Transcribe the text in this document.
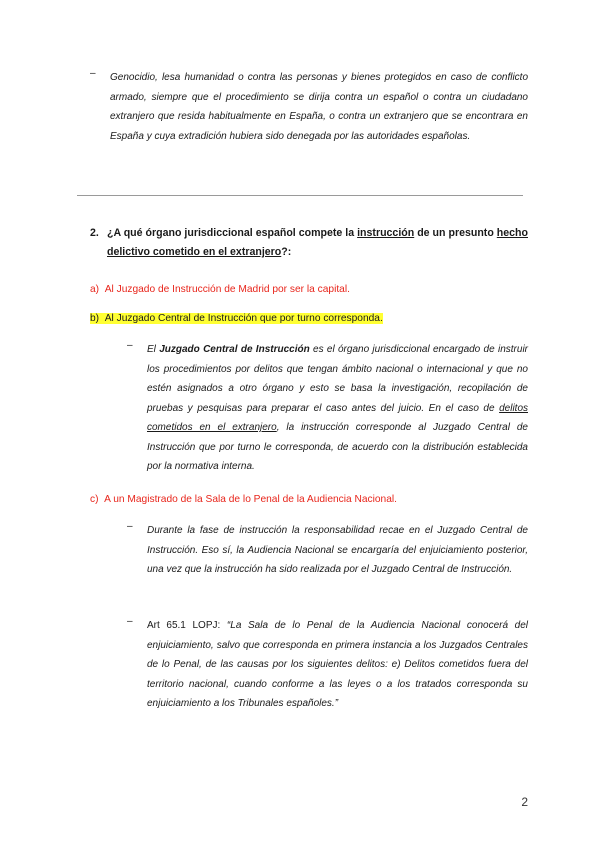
– Genocidio, lesa humanidad o contra las personas y bienes protegidos en caso de conflicto armado, siempre que el procedimiento se dirija contra un español o contra un ciudadano extranjero que resida habitualmente en España, o contra un extranjero que se encontrara en España y cuya extradición hubiera sido denegada por las autoridades españolas.
2. ¿A qué órgano jurisdiccional español compete la instrucción de un presunto hecho delictivo cometido en el extranjero?:
a) Al Juzgado de Instrucción de Madrid por ser la capital.
b) Al Juzgado Central de Instrucción que por turno corresponda.
– El Juzgado Central de Instrucción es el órgano jurisdiccional encargado de instruir los procedimientos por delitos que tengan ámbito nacional o internacional y que no estén asignados a otro órgano y esto se basa la investigación, recopilación de pruebas y pesquisas para preparar el caso antes del juicio. En el caso de delitos cometidos en el extranjero, la instrucción corresponde al Juzgado Central de Instrucción que por turno le corresponda, de acuerdo con la distribución establecida por la normativa interna.
c) A un Magistrado de la Sala de lo Penal de la Audiencia Nacional.
– Durante la fase de instrucción la responsabilidad recae en el Juzgado Central de Instrucción. Eso sí, la Audiencia Nacional se encargaría del enjuiciamiento posterior, una vez que la instrucción ha sido realizada por el Juzgado Central de Instrucción.
– Art 65.1 LOPJ: “La Sala de lo Penal de la Audiencia Nacional conocerá del enjuiciamiento, salvo que corresponda en primera instancia a los Juzgados Centrales de lo Penal, de las causas por los siguientes delitos: e) Delitos cometidos fuera del territorio nacional, cuando conforme a las leyes o a los tratados corresponda su enjuiciamiento a los Tribunales españoles.”
2
